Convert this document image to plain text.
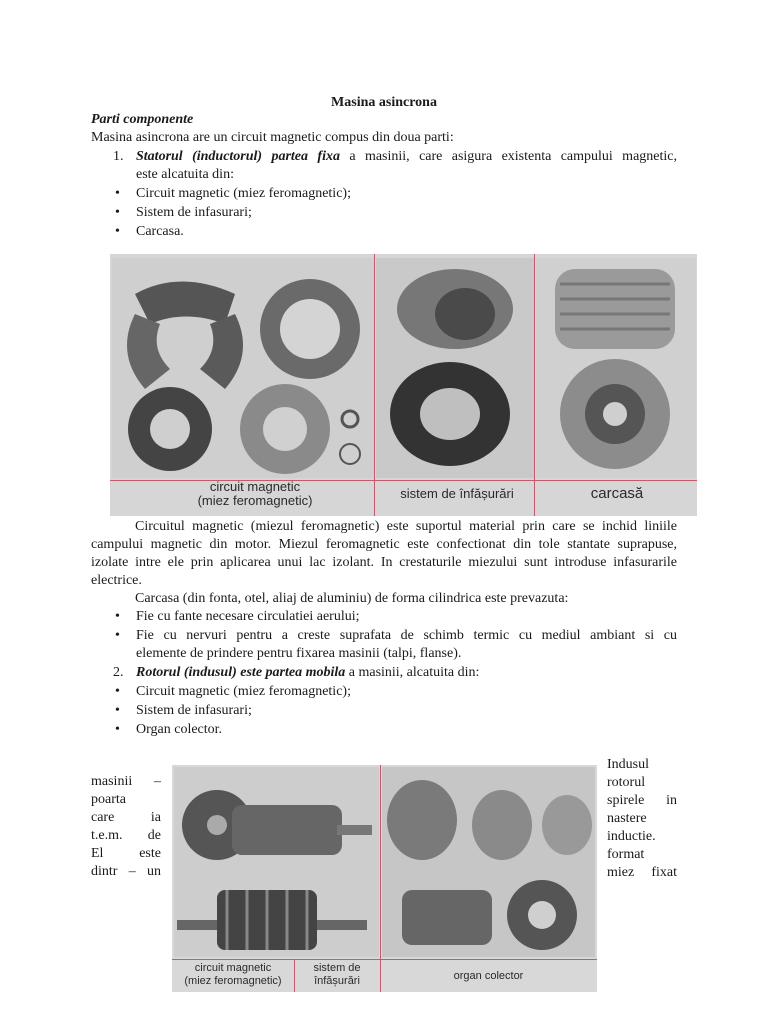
Masina asincrona
Parti componente
Masina asincrona are un circuit magnetic compus din doua parti:
1. Statorul (inductorul) partea fixa a masinii, care asigura existenta campului magnetic,
este alcatuita din:
• Circuit magnetic (miez feromagnetic);
• Sistem de infasurari;
• Carcasa.
circuit magnetic
(miez feromagnetic)	sistem de înfășurări	carcasă
Circuitul magnetic (miezul feromagnetic) este suportul material prin care se inchid liniile
campului magnetic din motor. Miezul feromagnetic este confectionat din tole stantate suprapuse,
izolate intre ele prin aplicarea unui lac izolant. In crestaturile miezului sunt introduse infasurarile
electrice.
Carcasa (din fonta, otel, aliaj de aluminiu) de forma cilindrica este prevazuta:
• Fie cu fante necesare circulatiei aerului;
• Fie cu nervuri pentru a creste suprafata de schimb termic cu mediul ambiant si cu
elemente de prindere pentru fixarea masinii (talpi, flanse).
2. Rotorul (indusul) este partea mobila a masinii, alcatuita din:
• Circuit magnetic (miez feromagnetic);
• Sistem de infasurari;
• Organ colector.
masinii –
poarta
care ia
t.e.m. de
El este
dintr – un
Indusul
rotorul
spirele in
nastere
inductie.
format
miez fixat
circuit magnetic
(miez feromagnetic)
sistem de
înfășurări	organ colector
